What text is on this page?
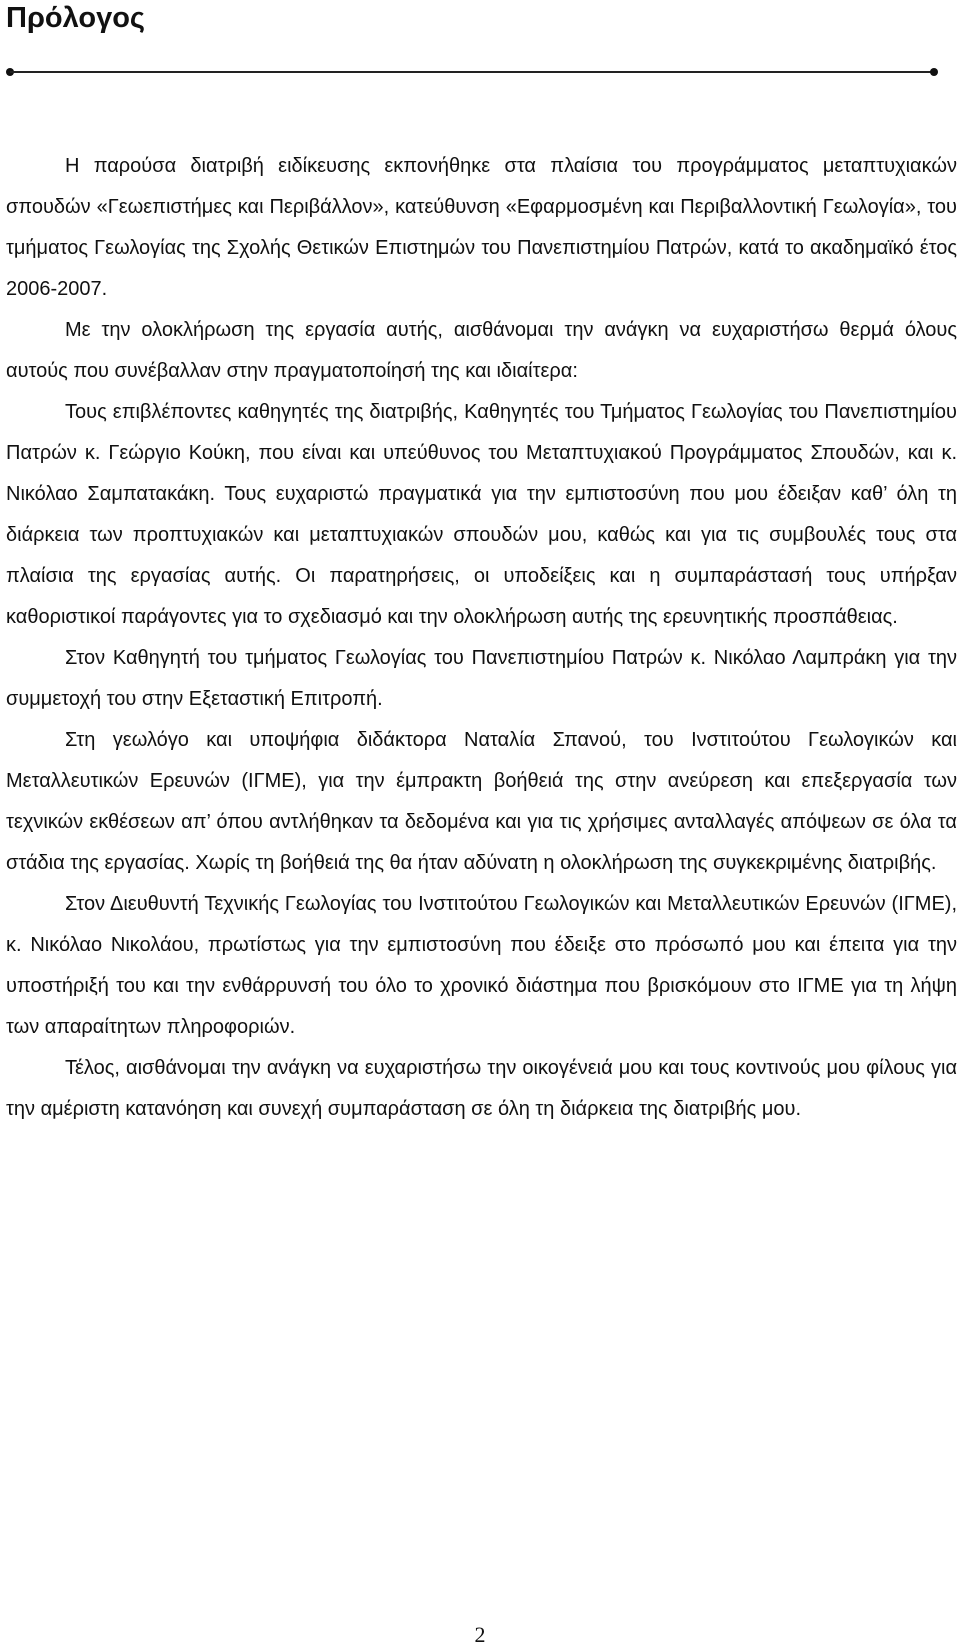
Πρόλογος

Η παρούσα διατριβή ειδίκευσης εκπονήθηκε στα πλαίσια του προγράμματος μεταπτυχιακών σπουδών «Γεωεπιστήμες και Περιβάλλον», κατεύθυνση «Εφαρμοσμένη και Περιβαλλοντική Γεωλογία», του τμήματος Γεωλογίας της Σχολής Θετικών Επιστημών του Πανεπιστημίου Πατρών, κατά το ακαδημαϊκό έτος 2006-2007.

Με την ολοκλήρωση της εργασία αυτής, αισθάνομαι την ανάγκη να ευχαριστήσω θερμά όλους αυτούς που συνέβαλλαν στην πραγματοποίησή της και ιδιαίτερα:

Τους επιβλέποντες καθηγητές της διατριβής, Καθηγητές του Τμήματος Γεωλογίας του Πανεπιστημίου Πατρών κ. Γεώργιο Κούκη, που είναι και υπεύθυνος του Μεταπτυχιακού Προγράμματος Σπουδών, και κ. Νικόλαο Σαμπατακάκη. Τους ευχαριστώ πραγματικά για την εμπιστοσύνη που μου έδειξαν καθ’ όλη τη διάρκεια των προπτυχιακών και μεταπτυχιακών σπουδών μου, καθώς και για τις συμβουλές τους στα πλαίσια της εργασίας αυτής. Οι παρατηρήσεις, οι υποδείξεις και η συμπαράστασή τους υπήρξαν καθοριστικοί παράγοντες για το σχεδιασμό και την ολοκλήρωση αυτής της ερευνητικής προσπάθειας.

Στον Καθηγητή του τμήματος Γεωλογίας του Πανεπιστημίου Πατρών κ. Νικόλαο Λαμπράκη για την συμμετοχή του στην Εξεταστική Επιτροπή.

Στη γεωλόγο και υποψήφια διδάκτορα Ναταλία Σπανού, του Ινστιτούτου Γεωλογικών και Μεταλλευτικών Ερευνών (ΙΓΜΕ), για την έμπρακτη βοήθειά της στην ανεύρεση και επεξεργασία των τεχνικών εκθέσεων απ’ όπου αντλήθηκαν τα δεδομένα και για τις χρήσιμες ανταλλαγές απόψεων σε όλα τα στάδια της εργασίας. Χωρίς τη βοήθειά της θα ήταν αδύνατη η ολοκλήρωση της συγκεκριμένης διατριβής.

Στον Διευθυντή Τεχνικής Γεωλογίας του Ινστιτούτου Γεωλογικών και Μεταλλευτικών Ερευνών (ΙΓΜΕ), κ. Νικόλαο Νικολάου, πρωτίστως για την εμπιστοσύνη που έδειξε στο πρόσωπό μου και έπειτα για την υποστήριξή του και την ενθάρρυνσή του όλο το χρονικό διάστημα που βρισκόμουν στο ΙΓΜΕ για τη λήψη των απαραίτητων πληροφοριών.

Τέλος, αισθάνομαι την ανάγκη να ευχαριστήσω την οικογένειά μου και τους κοντινούς μου φίλους για την αμέριστη κατανόηση και συνεχή συμπαράσταση σε όλη τη διάρκεια της διατριβής μου.

2
